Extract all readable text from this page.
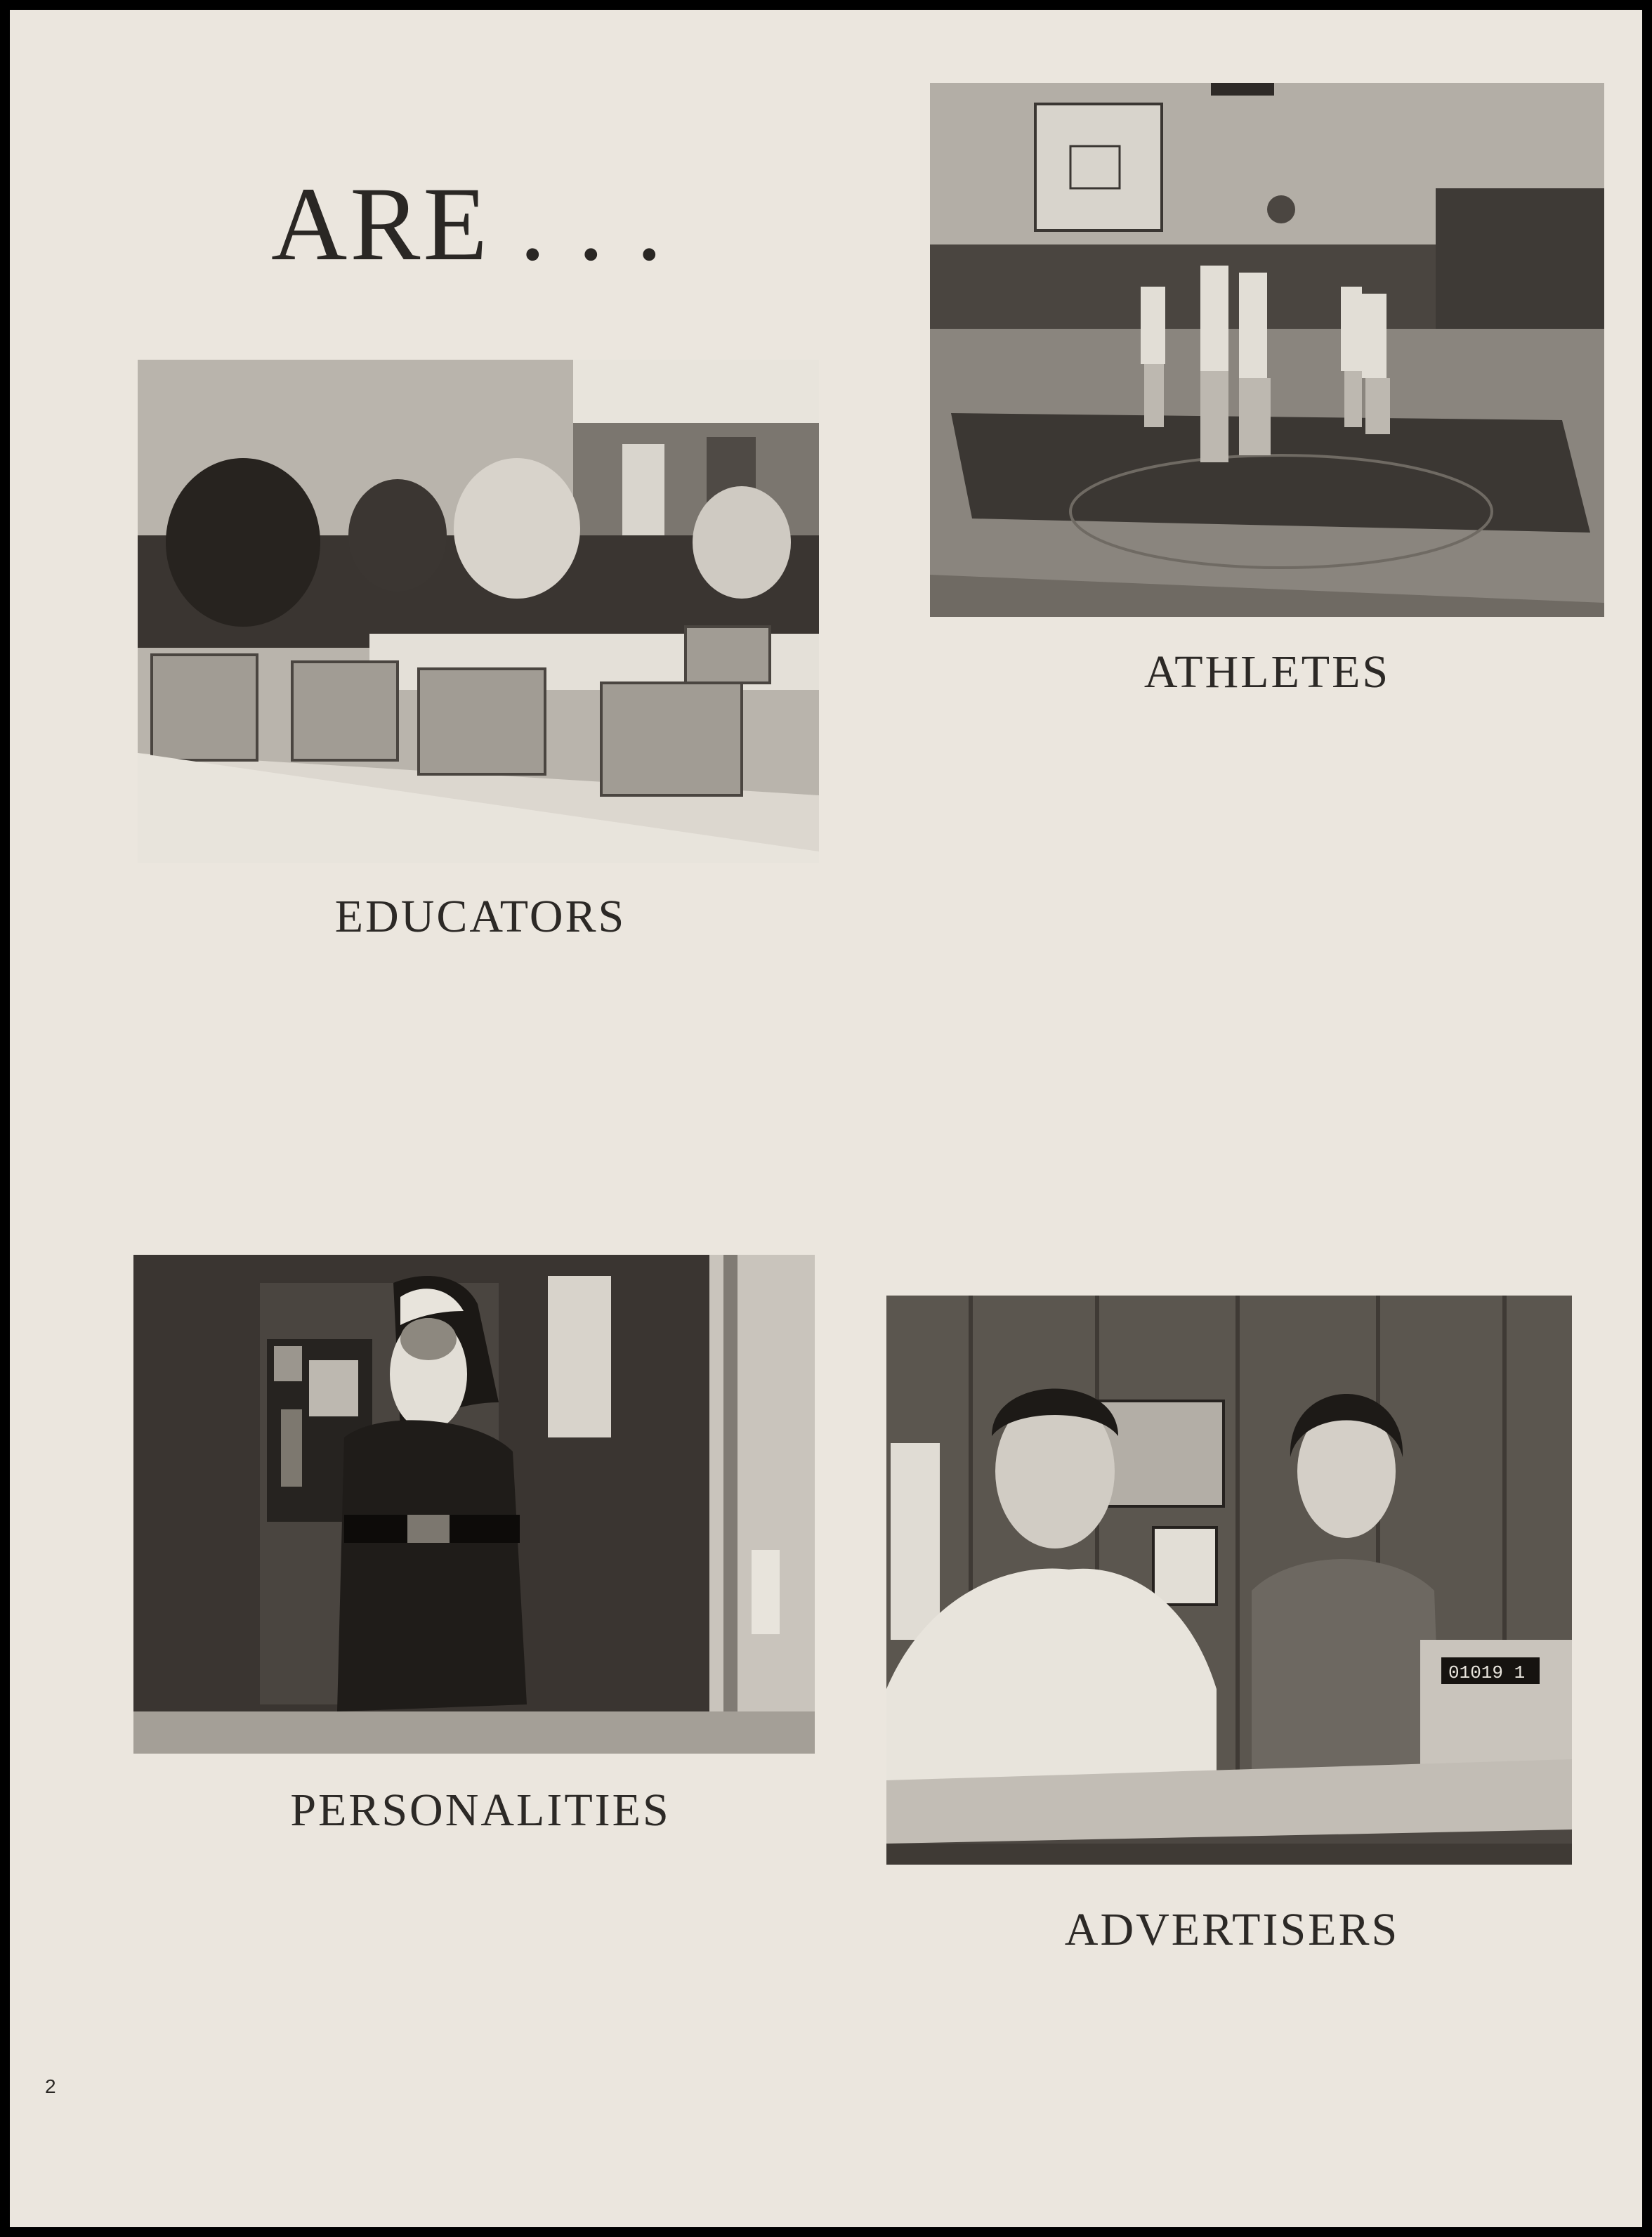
ARE . . .

ATHLETES

EDUCATORS

PERSONALITIES

01019 1

ADVERTISERS

2
